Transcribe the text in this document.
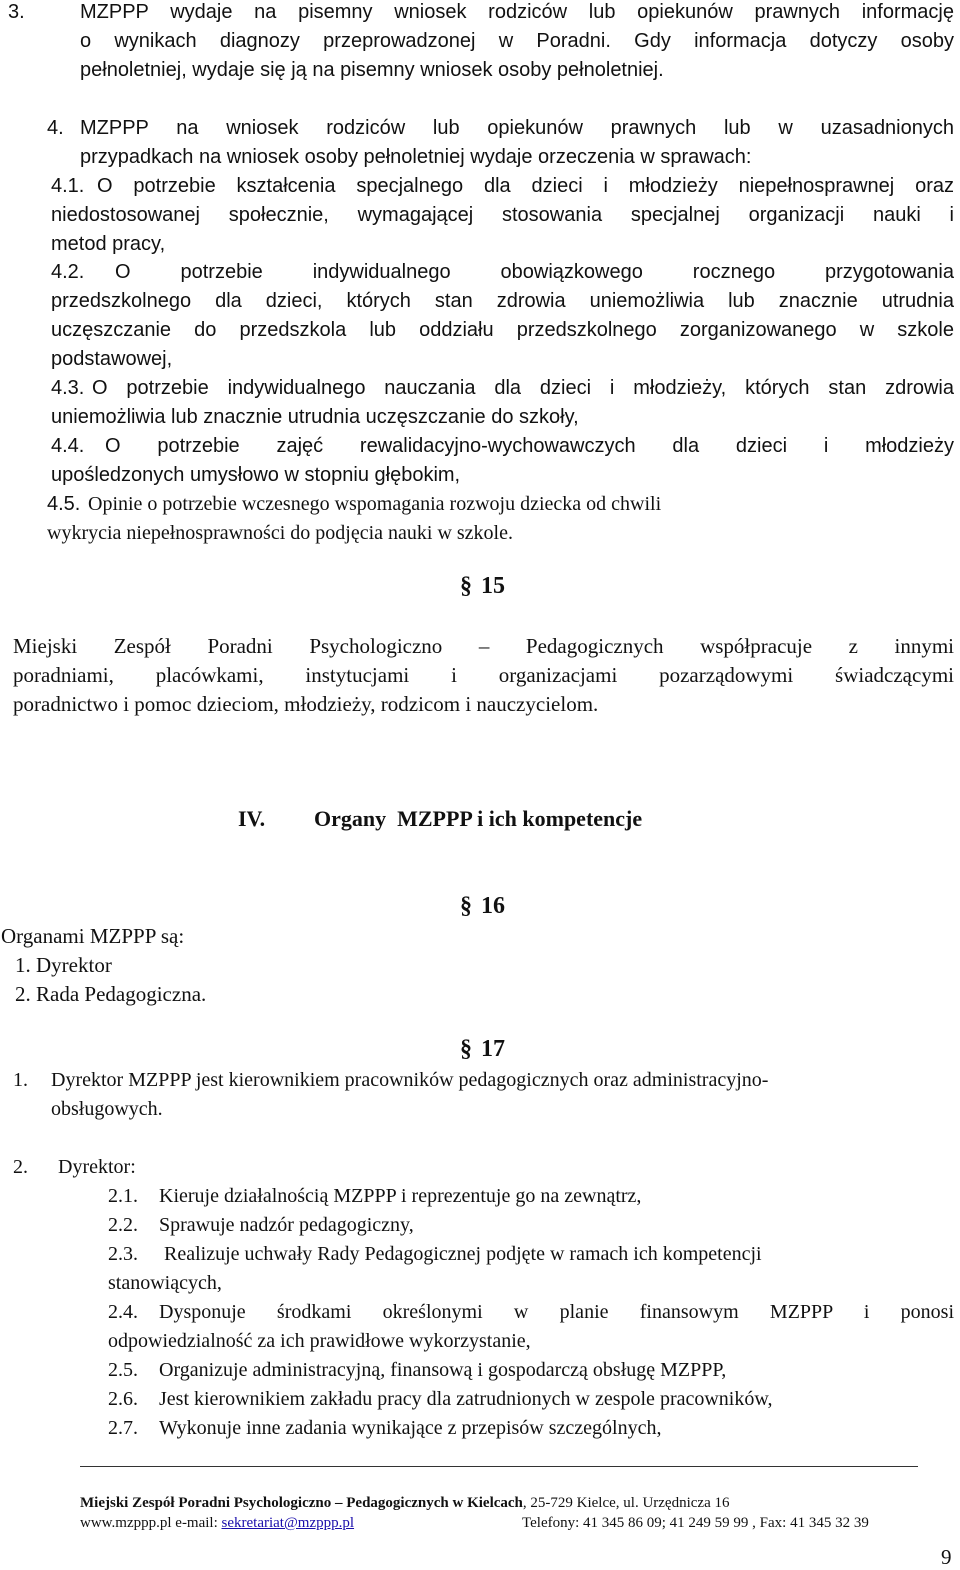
3.	MZPPP wydaje na pisemny wniosek rodziców lub opiekunów prawnych informację
o wynikach diagnozy przeprowadzonej w Poradni. Gdy informacja dotyczy osoby
pełnoletniej, wydaje się ją na pisemny wniosek osoby pełnoletniej.
4. MZPPP na wniosek rodziców lub opiekunów prawnych lub w uzasadnionych
przypadkach na wniosek osoby pełnoletniej wydaje orzeczenia w sprawach:
4.1. O potrzebie kształcenia specjalnego dla dzieci i młodzieży niepełnosprawnej oraz
niedostosowanej społecznie, wymagającej stosowania specjalnej organizacji nauki i
metod pracy,
4.2. O potrzebie indywidualnego obowiązkowego rocznego przygotowania
przedszkolnego dla dzieci, których stan zdrowia uniemożliwia lub znacznie utrudnia
uczęszczanie do przedszkola lub oddziału przedszkolnego zorganizowanego w szkole
podstawowej,
4.3. O potrzebie indywidualnego nauczania dla dzieci i młodzieży, których stan zdrowia
uniemożliwia lub znacznie utrudnia uczęszczanie do szkoły,
4.4. O potrzebie zajęć rewalidacyjno-wychowawczych dla dzieci i młodzieży
upośledzonych umysłowo w stopniu głębokim,
4.5. Opinie o potrzebie wczesnego wspomagania rozwoju dziecka od chwili
wykrycia niepełnosprawności do podjęcia nauki w szkole.
§ 15
Miejski Zespół Poradni Psychologiczno – Pedagogicznych współpracuje z innymi
poradniami, placówkami, instytucjami i organizacjami pozarządowymi świadczącymi
poradnictwo i pomoc dzieciom, młodzieży, rodzicom i nauczycielom.
IV. Organy  MZPPP i ich kompetencje
§ 16
Organami MZPPP są:
1. Dyrektor
2. Rada Pedagogiczna.
§ 17
1. Dyrektor MZPPP jest kierownikiem pracowników pedagogicznych oraz administracyjno-
obsługowych.
2. Dyrektor:
2.1. Kieruje działalnością MZPPP i reprezentuje go na zewnątrz,
2.2. Sprawuje nadzór pedagogiczny,
2.3. Realizuje uchwały Rady Pedagogicznej podjęte w ramach ich kompetencji
stanowiących,
2.4. Dysponuje środkami określonymi w planie finansowym MZPPP i ponosi
odpowiedzialność za ich prawidłowe wykorzystanie,
2.5. Organizuje administracyjną, finansową i gospodarczą obsługę MZPPP,
2.6. Jest kierownikiem zakładu pracy dla zatrudnionych w zespole pracowników,
2.7. Wykonuje inne zadania wynikające z przepisów szczególnych,
Miejski Zespół Poradni Psychologiczno – Pedagogicznych w Kielcach, 25-729 Kielce, ul. Urzędnicza 16
www.mzppp.pl e-mail: sekretariat@mzppp.pl	Telefony: 41 345 86 09; 41 249 59 99 , Fax: 41 345 32 39
9
